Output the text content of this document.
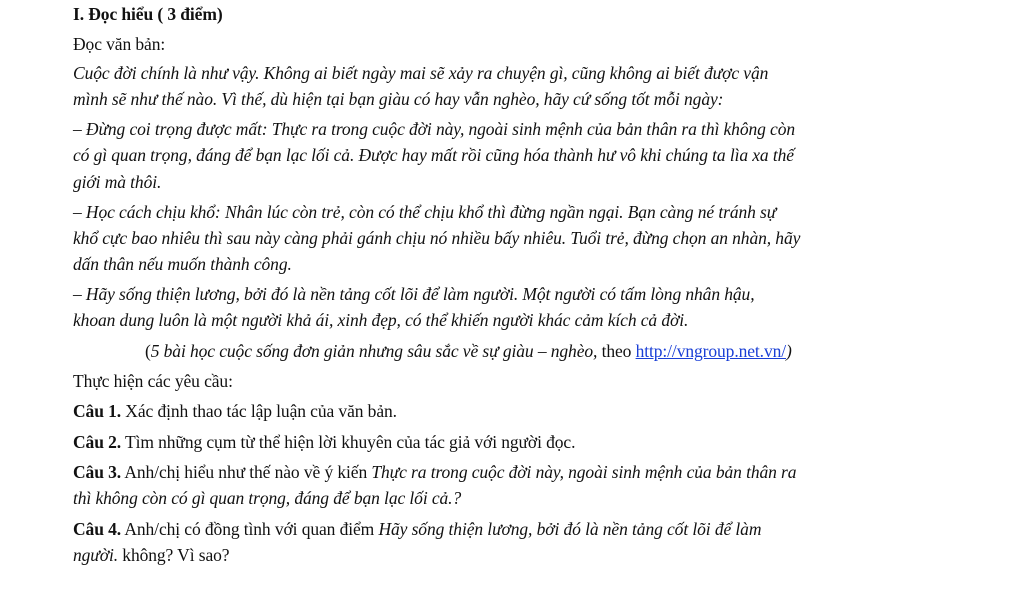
I. Đọc hiểu ( 3 điểm)
Đọc văn bản:
Cuộc đời chính là như vậy. Không ai biết ngày mai sẽ xảy ra chuyện gì, cũng không ai biết được vận
mình sẽ như thế nào. Vì thế, dù hiện tại bạn giàu có hay vẫn nghèo, hãy cứ sống tốt mỗi ngày:
– Đừng coi trọng được mất: Thực ra trong cuộc đời này, ngoài sinh mệnh của bản thân ra thì không còn
có gì quan trọng, đáng để bạn lạc lối cả. Được hay mất rồi cũng hóa thành hư vô khi chúng ta lìa xa thế
giới mà thôi.
– Học cách chịu khổ: Nhân lúc còn trẻ, còn có thể chịu khổ thì đừng ngần ngại. Bạn càng né tránh sự
khổ cực bao nhiêu thì sau này càng phải gánh chịu nó nhiều bấy nhiêu. Tuổi trẻ, đừng chọn an nhàn, hãy
dấn thân nếu muốn thành công.
– Hãy sống thiện lương, bởi đó là nền tảng cốt lõi để làm người. Một người có tấm lòng nhân hậu,
khoan dung luôn là một người khả ái, xinh đẹp, có thể khiến người khác cảm kích cả đời.
(5 bài học cuộc sống đơn giản nhưng sâu sắc về sự giàu – nghèo, theo http://vngroup.net.vn/)
Thực hiện các yêu cầu:
Câu 1. Xác định thao tác lập luận của văn bản.
Câu 2. Tìm những cụm từ thể hiện lời khuyên của tác giả với người đọc.
Câu 3. Anh/chị hiểu như thế nào về ý kiến Thực ra trong cuộc đời này, ngoài sinh mệnh của bản thân ra
thì không còn có gì quan trọng, đáng để bạn lạc lối cả.?
Câu 4. Anh/chị có đồng tình với quan điểm Hãy sống thiện lương, bởi đó là nền tảng cốt lõi để làm
người. không? Vì sao?
